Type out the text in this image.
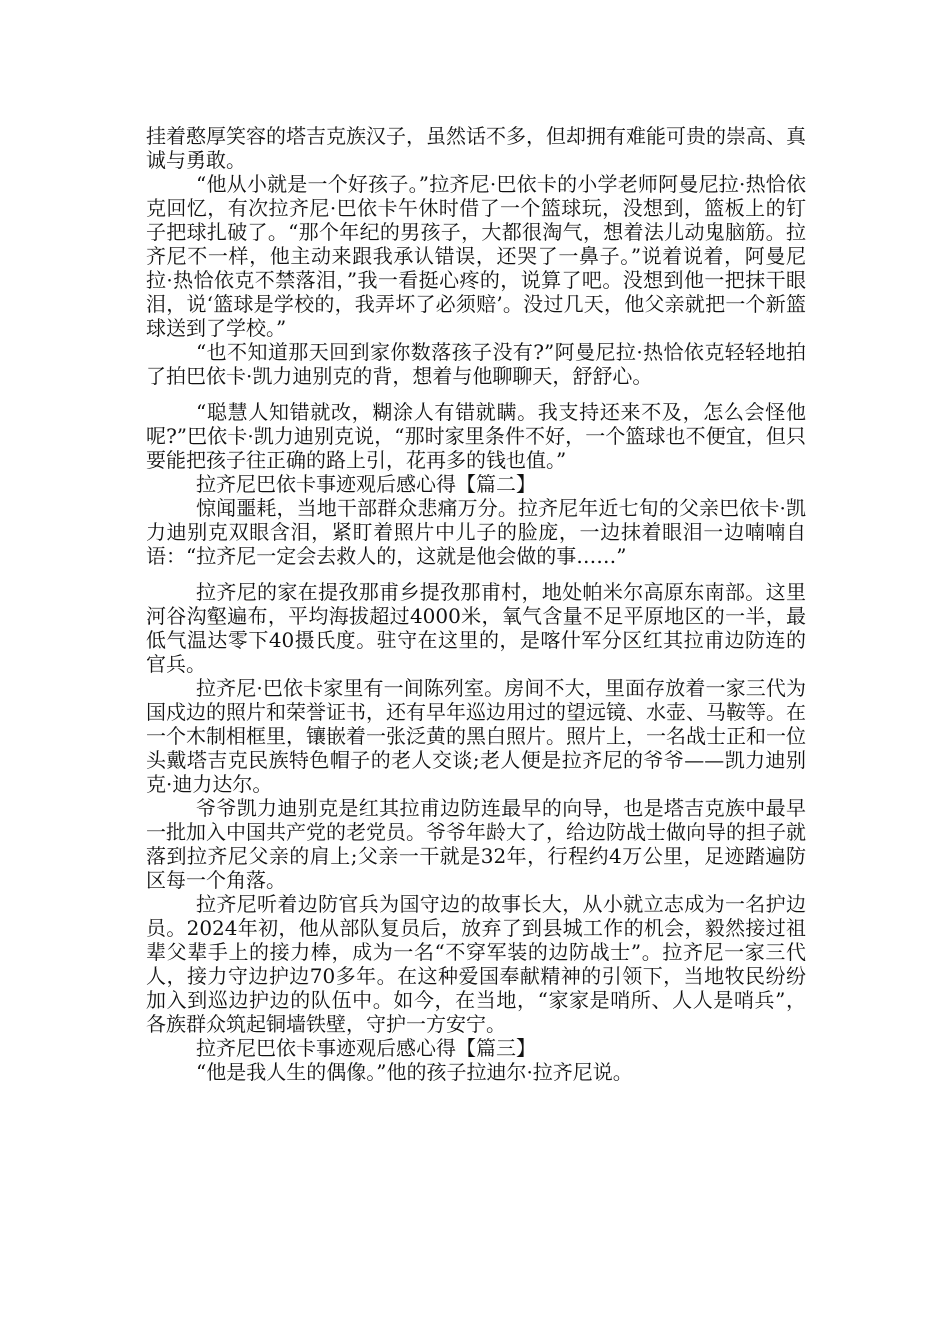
挂着憨厚笑容的塔吉克族汉子，虽然话不多，但却拥有难能可贵的崇高、真诚与勇敢。

“他从小就是一个好孩子。”拉齐尼·巴依卡的小学老师阿曼尼拉·热恰依克回忆，有次拉齐尼·巴依卡午休时借了一个篮球玩，没想到，篮板上的钉子把球扎破了。“那个年纪的男孩子，大都很淘气，想着法儿动鬼脑筋。拉齐尼不一样，他主动来跟我承认错误，还哭了一鼻子。”说着说着，阿曼尼拉·热恰依克不禁落泪，”我一看挺心疼的，说算了吧。没想到他一把抹干眼泪，说‘篮球是学校的，我弄坏了必须赔’。没过几天，他父亲就把一个新篮球送到了学校。”

“也不知道那天回到家你数落孩子没有?”阿曼尼拉·热恰依克轻轻地拍了拍巴依卡·凯力迪别克的背，想着与他聊聊天，舒舒心。

“聪慧人知错就改，糊涂人有错就瞒。我支持还来不及，怎么会怪他呢?”巴依卡·凯力迪别克说，“那时家里条件不好，一个篮球也不便宜，但只要能把孩子往正确的路上引，花再多的钱也值。”

拉齐尼巴依卡事迹观后感心得【篇二】

惊闻噩耗，当地干部群众悲痛万分。拉齐尼年近七旬的父亲巴依卡·凯力迪别克双眼含泪，紧盯着照片中儿子的脸庞，一边抹着眼泪一边喃喃自语：“拉齐尼一定会去救人的，这就是他会做的事……”

拉齐尼的家在提孜那甫乡提孜那甫村，地处帕米尔高原东南部。这里河谷沟壑遍布，平均海拔超过4000米，氧气含量不足平原地区的一半，最低气温达零下40摄氏度。驻守在这里的，是喀什军分区红其拉甫边防连的官兵。

拉齐尼·巴依卡家里有一间陈列室。房间不大，里面存放着一家三代为国戍边的照片和荣誉证书，还有早年巡边用过的望远镜、水壶、马鞍等。在一个木制相框里，镶嵌着一张泛黄的黑白照片。照片上，一名战士正和一位头戴塔吉克民族特色帽子的老人交谈;老人便是拉齐尼的爷爷——凯力迪别克·迪力达尔。

爷爷凯力迪别克是红其拉甫边防连最早的向导，也是塔吉克族中最早一批加入中国共产党的老党员。爷爷年龄大了，给边防战士做向导的担子就落到拉齐尼父亲的肩上;父亲一干就是32年，行程约4万公里，足迹踏遍防区每一个角落。

拉齐尼听着边防官兵为国守边的故事长大，从小就立志成为一名护边员。2024年初，他从部队复员后，放弃了到县城工作的机会，毅然接过祖辈父辈手上的接力棒，成为一名“不穿军装的边防战士”。拉齐尼一家三代人，接力守边护边70多年。在这种爱国奉献精神的引领下，当地牧民纷纷加入到巡边护边的队伍中。如今，在当地，“家家是哨所、人人是哨兵”，各族群众筑起铜墙铁壁，守护一方安宁。

拉齐尼巴依卡事迹观后感心得【篇三】

“他是我人生的偶像。”他的孩子拉迪尔·拉齐尼说。
